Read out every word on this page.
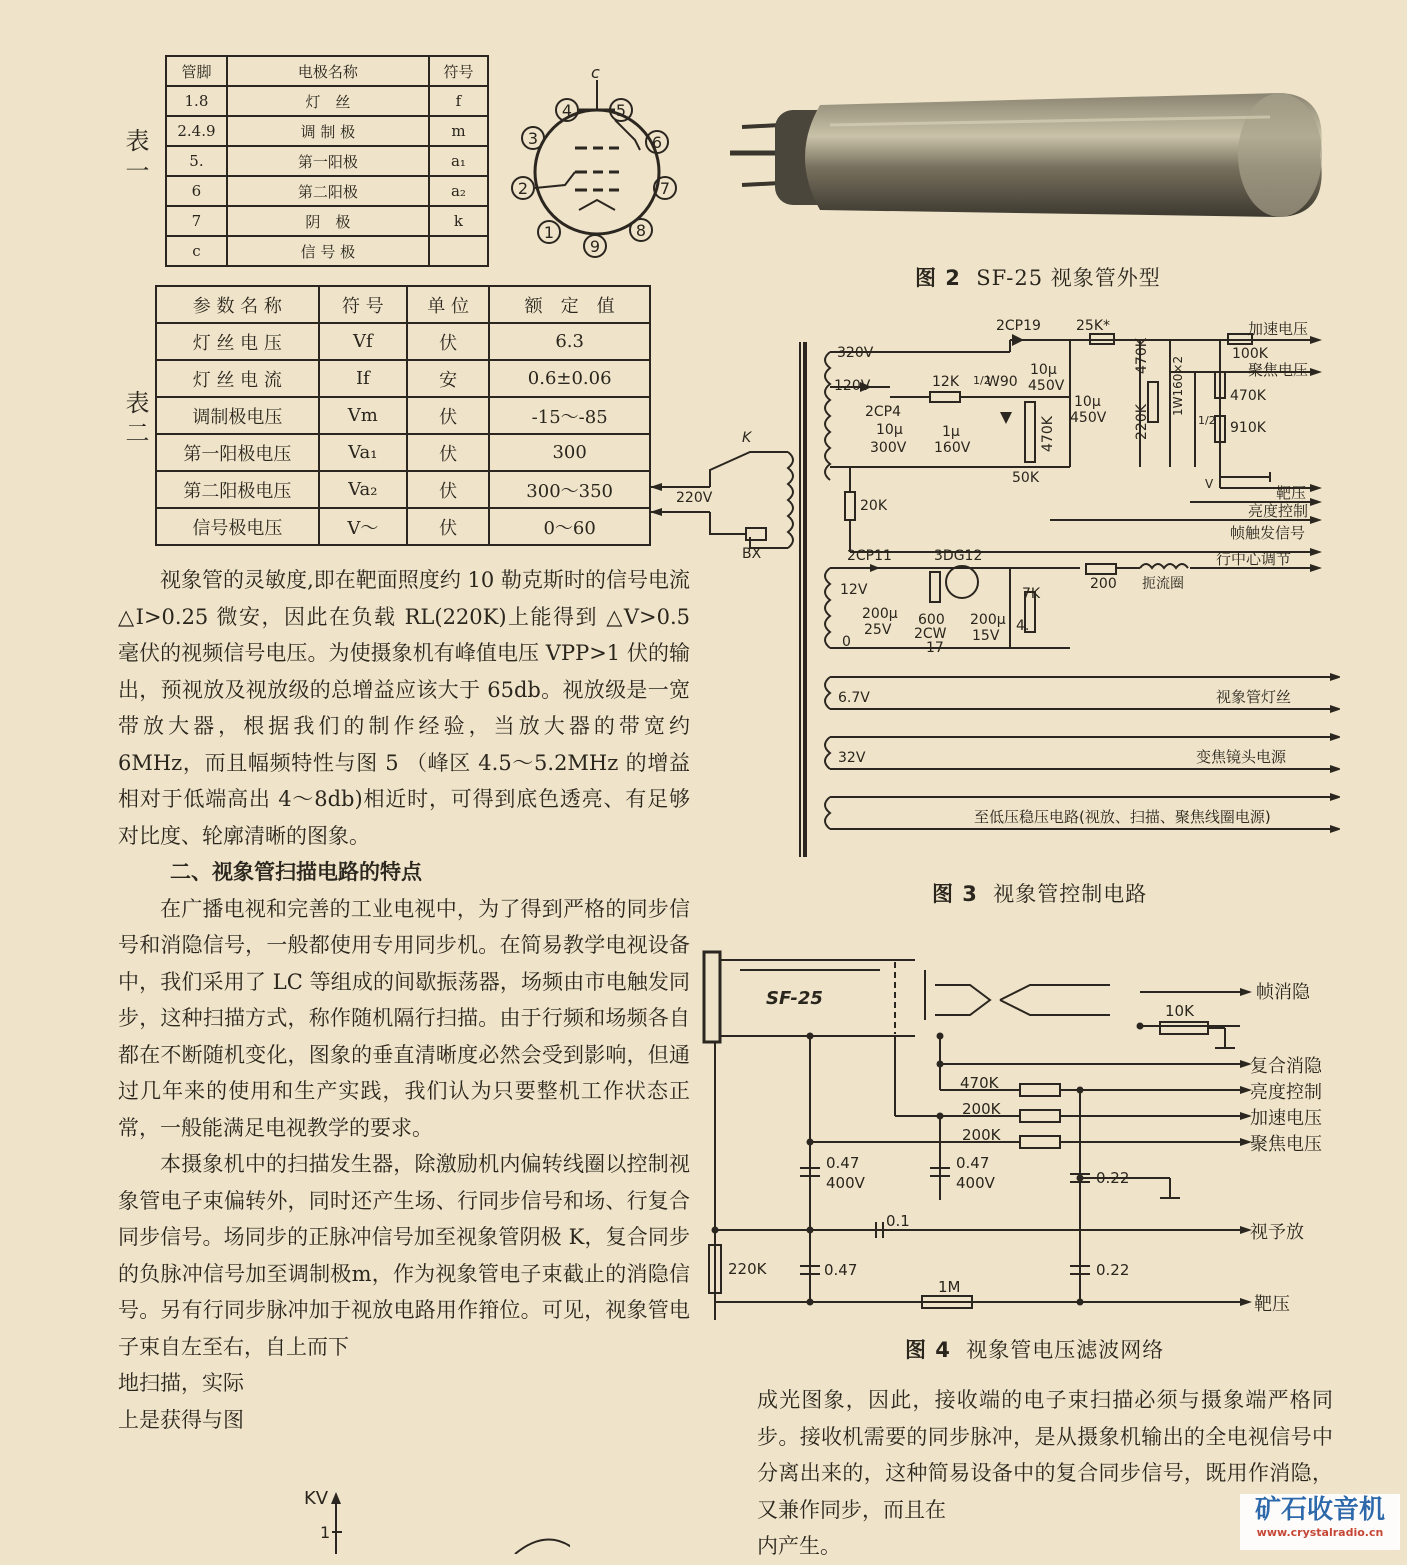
表一
管脚	电极名称	符号
1.8	灯　丝	f
2.4.9	调 制 极	m
5.	第一阳极	a₁
6	第二阳极	a₂
7	阴　极	k
c	信 号 极	
c
1
2
3
4	5
6
7
8
9
表二
参 数 名 称	符 号	单 位	额　定　值
灯 丝 电 压	Vf	伏	6.3
灯 丝 电 流	If	安	0.6±0.06
调制极电压	Vm	伏	-15～-85
第一阳极电压	Va₁	伏	300
第二阳极电压	Va₂	伏	300～350
信号极电压	V～	伏	0～60
图 2 SF-25 视象管外型
2CP19	25K*
320V
120V	12K 1/2
W90
10μ
450V
10μ
450V 220K
470K 1W160×2
1/2
100K
470K
910K
2CP4
10μ
300V
1μ
160V	470K
50K
20K
K
220V
BX	2CP11	3DG12
12V
0
200μ
25V
600
2CW
17
200μ
15V
7K
4.
200 扼流圈
6.7V
32V
V
加速电压
聚焦电压
靶压
亮度控制
帧触发信号
行中心调节
视象管灯丝
变焦镜头电源
至低压稳压电路(视放、扫描、聚焦线圈电源)
图 3 视象管控制电路
SF-25
10K
470K
200K
200K
0.47
400V
0.47
400V	0.22
0.1
220K	0.47
1M
0.22
帧消隐
复合消隐
亮度控制
加速电压
聚焦电压
视予放
靶压
图 4 视象管电压滤波网络

视象管的灵敏度,即在靶面照度约 10 勒克斯时的信号电流 △I>0.25 微安，因此在负载 RL(220K)上能得到 △V>0.5 毫伏的视频信号电压。为使摄象机有峰值电压 VPP>1 伏的输出，预视放及视放级的总增益应该大于 65db。视放级是一宽带放大器，根据我们的制作经验，当放大器的带宽约 6MHz，而且幅频特性与图 5 （峰区 4.5～5.2MHz 的增益相对于低端高出 4～8db)相近时，可得到底色透亮、有足够对比度、轮廓清晰的图象。

二、视象管扫描电路的特点

在广播电视和完善的工业电视中，为了得到严格的同步信号和消隐信号，一般都使用专用同步机。在简易教学电视设备中，我们采用了 LC 等组成的间歇振荡器，场频由市电触发同步，这种扫描方式，称作随机隔行扫描。由于行频和场频各自都在不断随机变化，图象的垂直清晰度必然会受到影响，但通过几年来的使用和生产实践，我们认为只要整机工作状态正常，一般能满足电视教学的要求。

本摄象机中的扫描发生器，除激励机内偏转线圈以控制视象管电子束偏转外，同时还产生场、行同步信号和场、行复合同步信号。场同步的正脉冲信号加至视象管阴极 K，复合同步的负脉冲信号加至调制极m，作为视象管电子束截止的消隐信号。另有行同步脉冲加于视放电路用作箝位。可见，视象管电子束自左至右，自上而下

地扫描，实际
上是获得与图
KV
1
成光图象，因此，接收端的电子束扫描必须与摄象端严格同步。接收机需要的同步脉冲，是从摄象机输出的全电视信号中分离出来的，这种简易设备中的复合同步信号，既用作消隐，又兼作同步，而且在
内产生。
矿石收音机
www.crystalradio.cn
